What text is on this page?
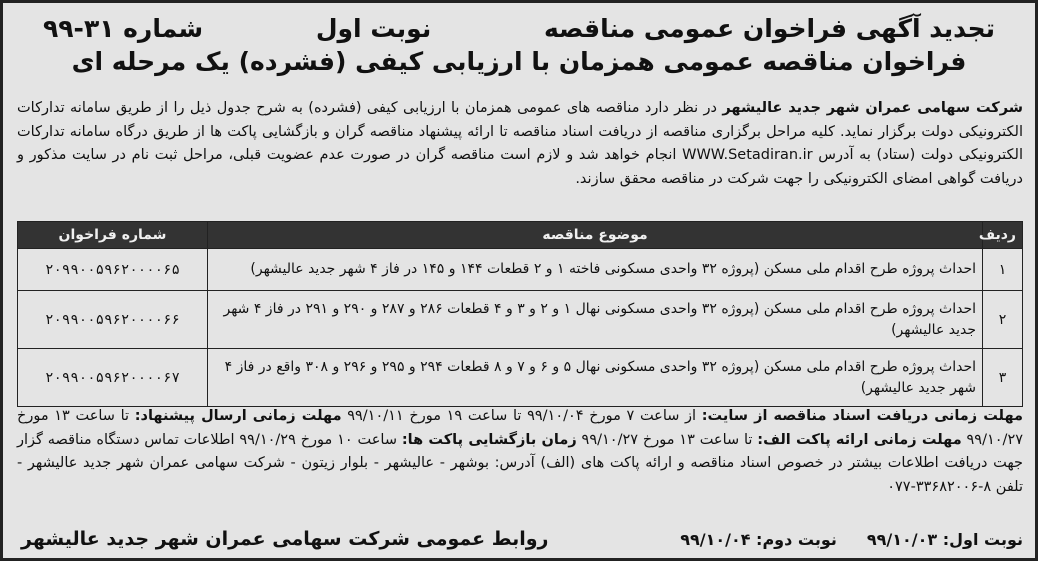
تجدید آگهی فراخوان عمومی مناقصه
نوبت اول
شماره ۳۱-۹۹
فراخوان مناقصه عمومی همزمان با ارزیابی کیفی (فشرده) یک مرحله ای
شرکت سهامی عمران شهر جدید عالیشهر در نظر دارد مناقصه های عمومی همزمان با ارزیابی کیفی (فشرده) به شرح جدول ذیل را از طریق سامانه تدارکات الکترونیکی دولت برگزار نماید. کلیه مراحل برگزاری مناقصه از دریافت اسناد مناقصه تا ارائه پیشنهاد مناقصه گران و بازگشایی پاکت ها از طریق درگاه سامانه تدارکات الکترونیکی دولت (ستاد) به آدرس WWW.Setadiran.ir انجام خواهد شد و لازم است مناقصه گران در صورت عدم عضویت قبلی، مراحل ثبت نام در سایت مذکور و دریافت گواهی امضای الکترونیکی را جهت شرکت در مناقصه محقق سازند.
ردیف	موضوع مناقصه	شماره فراخوان
۱	احداث پروژه طرح اقدام ملی مسکن (پروژه ۳۲ واحدی مسکونی فاخته ۱ و ۲ قطعات ۱۴۴ و ۱۴۵ در فاز ۴ شهر جدید عالیشهر)	۲۰۹۹۰۰۵۹۶۲۰۰۰۰۶۵
۲	احداث پروژه طرح اقدام ملی مسکن (پروژه ۳۲ واحدی مسکونی نهال ۱ و ۲ و ۳ و ۴ قطعات ۲۸۶ و ۲۸۷ و ۲۹۰ و ۲۹۱ در فاز ۴ شهر جدید عالیشهر)	۲۰۹۹۰۰۵۹۶۲۰۰۰۰۶۶
۳	احداث پروژه طرح اقدام ملی مسکن (پروژه ۳۲ واحدی مسکونی نهال ۵ و ۶ و ۷ و ۸ قطعات ۲۹۴ و ۲۹۵ و ۲۹۶ و ۳۰۸ واقع در فاز ۴ شهر جدید عالیشهر)	۲۰۹۹۰۰۵۹۶۲۰۰۰۰۶۷
مهلت زمانی دریافت اسناد مناقصه از سایت: از ساعت ۷ مورخ ۹۹/۱۰/۰۴ تا ساعت ۱۹ مورخ ۹۹/۱۰/۱۱ مهلت زمانی ارسال پیشنهاد: تا ساعت ۱۳ مورخ ۹۹/۱۰/۲۷ مهلت زمانی ارائه پاکت الف: تا ساعت ۱۳ مورخ ۹۹/۱۰/۲۷ زمان بازگشایی پاکت ها: ساعت ۱۰ مورخ ۹۹/۱۰/۲۹ اطلاعات تماس دستگاه مناقصه گزار جهت دریافت اطلاعات بیشتر در خصوص اسناد مناقصه و ارائه پاکت های (الف) آدرس: بوشهر - عالیشهر - بلوار زیتون - شرکت سهامی عمران شهر جدید عالیشهر - تلفن ۸-۳۳۶۸۲۰۰۶-۰۷۷
نوبت اول: ۹۹/۱۰/۰۳
نوبت دوم: ۹۹/۱۰/۰۴
روابط عمومی شرکت سهامی عمران شهر جدید عالیشهر
